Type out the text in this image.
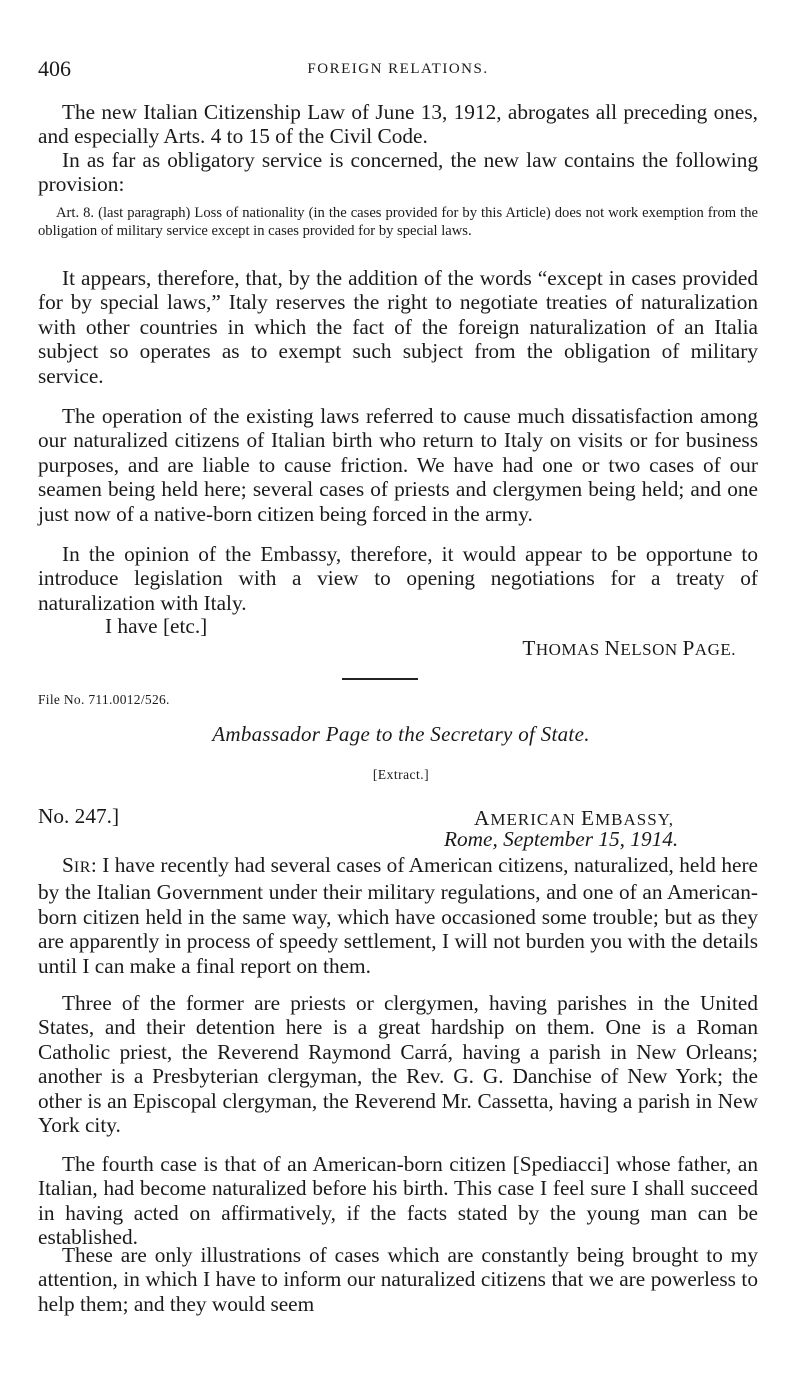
406	FOREIGN RELATIONS.

The new Italian Citizenship Law of June 13, 1912, abrogates all preceding ones, and especially Arts. 4 to 15 of the Civil Code.

In as far as obligatory service is concerned, the new law contains the following provision:

Art. 8. (last paragraph) Loss of nationality (in the cases provided for by this Article) does not work exemption from the obligation of military service except in cases provided for by special laws.

It appears, therefore, that, by the addition of the words “except in cases provided for by special laws,” Italy reserves the right to negotiate treaties of naturalization with other countries in which the fact of the foreign naturalization of an Italia subject so operates as to exempt such subject from the obligation of military service.

The operation of the existing laws referred to cause much dissatisfaction among our naturalized citizens of Italian birth who return to Italy on visits or for business purposes, and are liable to cause friction. We have had one or two cases of our seamen being held here; several cases of priests and clergymen being held; and one just now of a native-born citizen being forced in the army.

In the opinion of the Embassy, therefore, it would appear to be opportune to introduce legislation with a view to opening negotiations for a treaty of naturalization with Italy.

I have [etc.]
THOMAS NELSON PAGE.
File No. 711.0012/526.
Ambassador Page to the Secretary of State.
[Extract.]
No. 247.]	AMERICAN EMBASSY,
Rome, September 15, 1914.

SIR: I have recently had several cases of American citizens, naturalized, held here by the Italian Government under their military regulations, and one of an American-born citizen held in the same way, which have occasioned some trouble; but as they are apparently in process of speedy settlement, I will not burden you with the details until I can make a final report on them.

Three of the former are priests or clergymen, having parishes in the United States, and their detention here is a great hardship on them. One is a Roman Catholic priest, the Reverend Raymond Carrá, having a parish in New Orleans; another is a Presbyterian clergyman, the Rev. G. G. Danchise of New York; the other is an Episcopal clergyman, the Reverend Mr. Cassetta, having a parish in New York city.

The fourth case is that of an American-born citizen [Spediacci] whose father, an Italian, had become naturalized before his birth. This case I feel sure I shall succeed in having acted on affirmatively, if the facts stated by the young man can be established.

These are only illustrations of cases which are constantly being brought to my attention, in which I have to inform our naturalized citizens that we are powerless to help them; and they would seem
